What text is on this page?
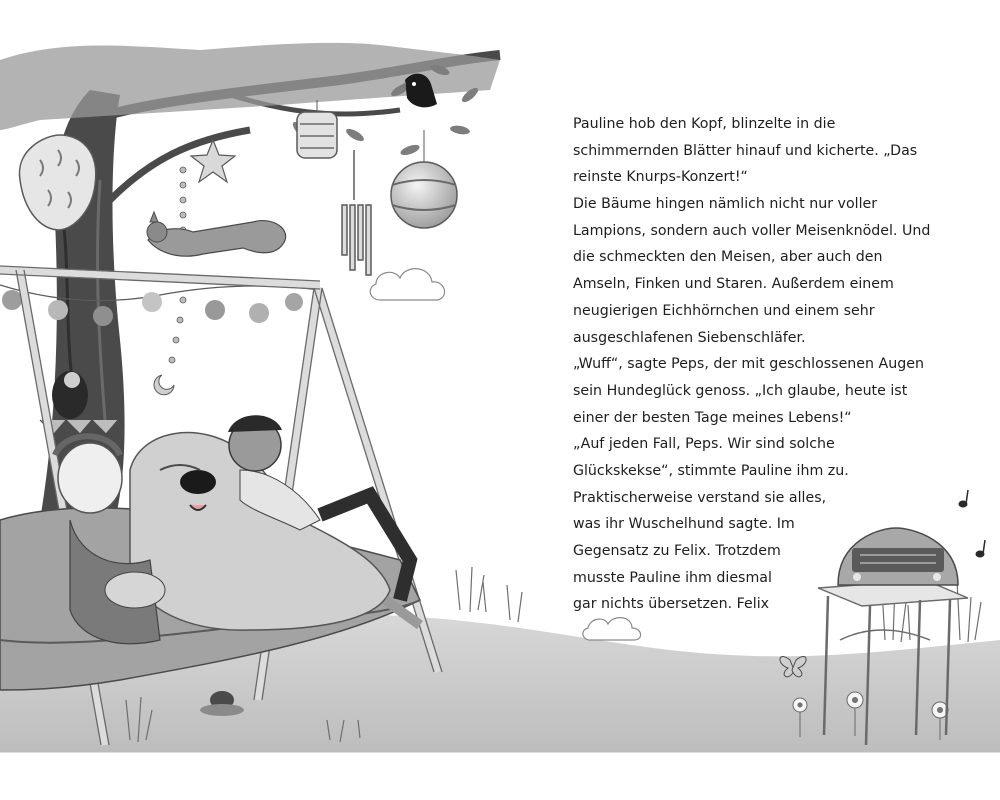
Pauline hob den Kopf, blinzelte in die
schimmernden Blätter hinauf und kicherte. „Das
reinste Knurps-Konzert!“
Die Bäume hingen nämlich nicht nur voller
Lampions, sondern auch voller Meisenknödel. Und
die schmeckten den Meisen, aber auch den
Amseln, Finken und Staren. Außerdem einem
neugierigen Eichhörnchen und einem sehr
ausgeschlafenen Siebenschläfer.
„Wuff“, sagte Peps, der mit geschlossenen Augen
sein Hundeglück genoss. „Ich glaube, heute ist
einer der besten Tage meines Lebens!“
„Auf jeden Fall, Peps. Wir sind solche
Glückskekse“, stimmte Pauline ihm zu.
Praktischerweise verstand sie alles,
was ihr Wuschelhund sagte. Im
Gegensatz zu Felix. Trotzdem
musste Pauline ihm diesmal
gar nichts übersetzen. Felix
